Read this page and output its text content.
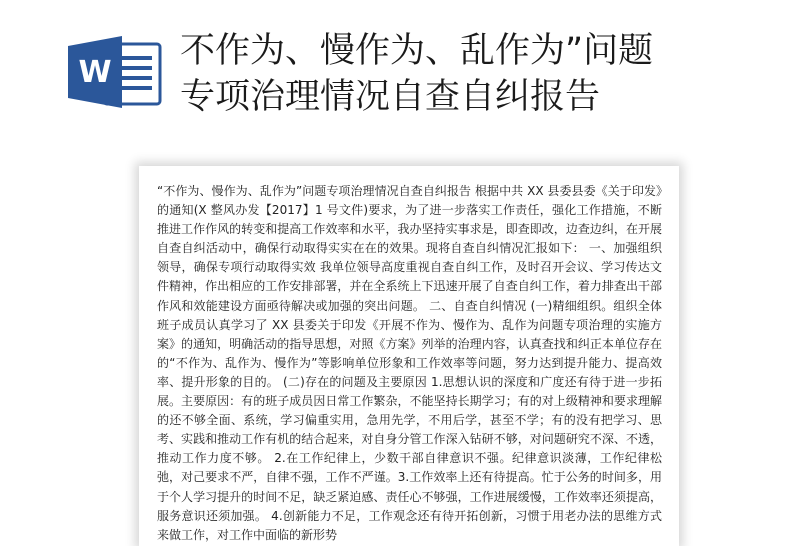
W
不作为、慢作为、乱作为”问题
专项治理情况自查自纠报告

“不作为、慢作为、乱作为”问题专项治理情况自查自纠报告 根据中共 XX 县委县委《关于印发》的通知(X 整风办发【2017】1 号文件)要求，为了进一步落实工作责任，强化工作措施，不断推进工作作风的转变和提高工作效率和水平，我办坚持实事求是，即查即改，边查边纠，在开展自查自纠活动中，确保行动取得实实在在的效果。现将自查自纠情况汇报如下： 一、加强组织领导，确保专项行动取得实效 我单位领导高度重视自查自纠工作，及时召开会议、学习传达文件精神，作出相应的工作安排部署，并在全系统上下迅速开展了自查自纠工作，着力排查出干部作风和效能建设方面亟待解决或加强的突出问题。 二、自查自纠情况 (一)精细组织。组织全体班子成员认真学习了 XX 县委关于印发《开展不作为、慢作为、乱作为问题专项治理的实施方案》的通知，明确活动的指导思想，对照《方案》列举的治理内容，认真查找和纠正本单位存在的“不作为、乱作为、慢作为”等影响单位形象和工作效率等问题，努力达到提升能力、提高效率、提升形象的目的。 (二)存在的问题及主要原因 1.思想认识的深度和广度还有待于进一步拓展。主要原因：有的班子成员因日常工作繁杂，不能坚持长期学习；有的对上级精神和要求理解的还不够全面、系统，学习偏重实用，急用先学，不用后学，甚至不学；有的没有把学习、思考、实践和推动工作有机的结合起来，对自身分管工作深入钻研不够，对问题研究不深、不透，推动工作力度不够。 2.在工作纪律上，少数干部自律意识不强。纪律意识淡薄，工作纪律松弛，对己要求不严，自律不强，工作不严谨。3.工作效率上还有待提高。忙于公务的时间多，用于个人学习提升的时间不足，缺乏紧迫感、责任心不够强，工作进展缓慢，工作效率还须提高，服务意识还须加强。 4.创新能力不足，工作观念还有待开拓创新，习惯于用老办法的思维方式来做工作，对工作中面临的新形势
